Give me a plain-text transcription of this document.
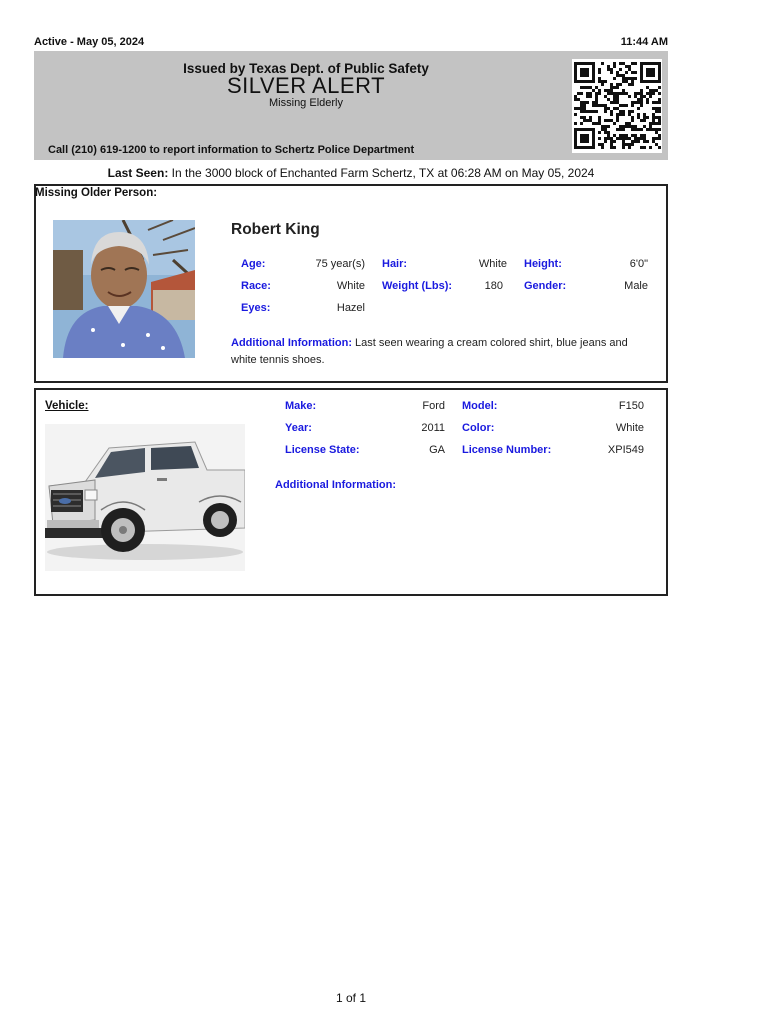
Active - May 05, 2024	11:44 AM
Issued by Texas Dept. of Public Safety
SILVER ALERT
Missing Elderly
Call (210) 619-1200 to report information to Schertz Police Department
Last Seen: In the 3000 block of Enchanted Farm Schertz, TX at 06:28 AM on May 05, 2024
Missing Older Person:
Robert King
Age:	75 year(s) Hair:	White Height:	6'0"
Race:	White Weight (Lbs):	180 Gender:	Male
Eyes:	Hazel
Additional Information: Last seen wearing a cream colored shirt, blue jeans and white tennis shoes.
Vehicle:	Make:	Ford Model:	F150
Year:	2011 Color:	White
License State:	GA License Number:	XPI549
Additional Information:
1 of 1
